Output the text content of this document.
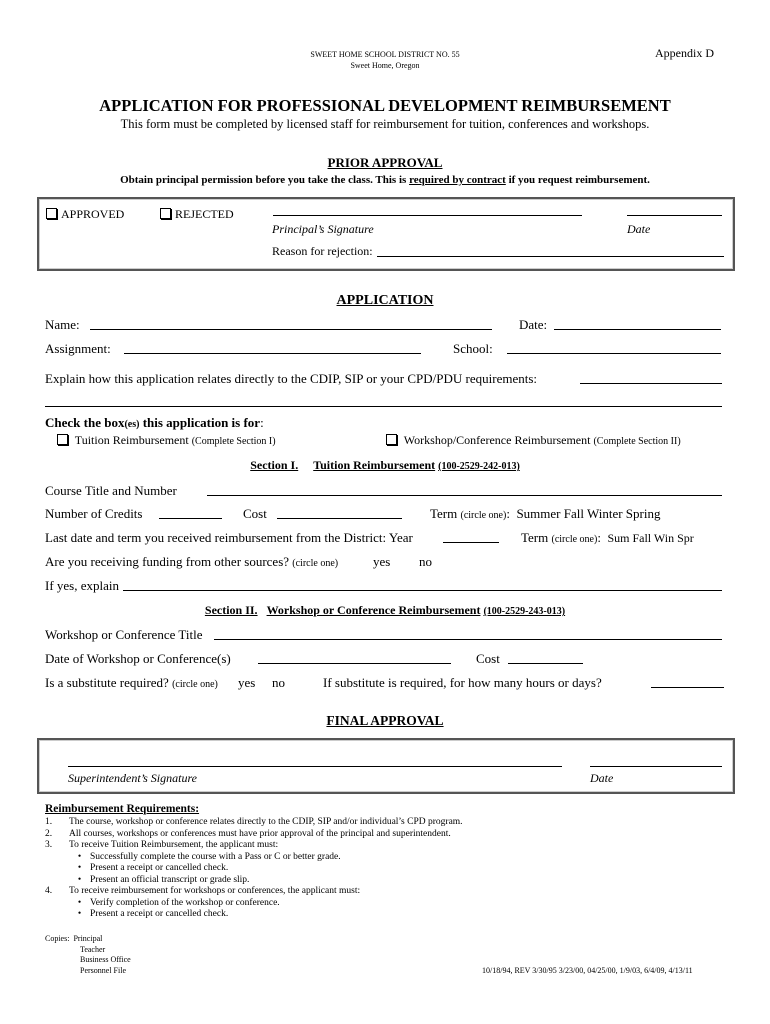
SWEET HOME SCHOOL DISTRICT NO. 55
Sweet Home, Oregon
Appendix D
APPLICATION FOR PROFESSIONAL DEVELOPMENT REIMBURSEMENT
This form must be completed by licensed staff for reimbursement for tuition, conferences and workshops.
PRIOR APPROVAL
Obtain principal permission before you take the class. This is required by contract if you request reimbursement.
APPROVED	REJECTED
Principal’s Signature	Date
Reason for rejection:
APPLICATION
Name:	Date:
Assignment:	School:
Explain how this application relates directly to the CDIP, SIP or your CPD/PDU requirements:
Check the box(es) this application is for:
Tuition Reimbursement (Complete Section I)	Workshop/Conference Reimbursement (Complete Section II)
Section I. Tuition Reimbursement (100-2529-242-013)
Course Title and Number
Number of Credits	Cost	Term (circle one): Summer Fall Winter Spring
Last date and term you received reimbursement from the District: Year	Term (circle one): Sum Fall Win Spr
Are you receiving funding from other sources? (circle one)	yes no
If yes, explain
Section II. Workshop or Conference Reimbursement (100-2529-243-013)
Workshop or Conference Title
Date of Workshop or Conference(s)	Cost
Is a substitute required? (circle one) yes no	If substitute is required, for how many hours or days?
FINAL APPROVAL
Superintendent’s Signature	Date
Reimbursement Requirements:
1. The course, workshop or conference relates directly to the CDIP, SIP and/or individual’s CPD program.
2. All courses, workshops or conferences must have prior approval of the principal and superintendent.
3. To receive Tuition Reimbursement, the applicant must:
• Successfully complete the course with a Pass or C or better grade.
• Present a receipt or cancelled check.
• Present an official transcript or grade slip.
4. To receive reimbursement for workshops or conferences, the applicant must:
• Verify completion of the workshop or conference.
• Present a receipt or cancelled check.
Copies: Principal
Teacher
Business Office
Personnel File	10/18/94, REV 3/30/95 3/23/00, 04/25/00, 1/9/03, 6/4/09, 4/13/11
